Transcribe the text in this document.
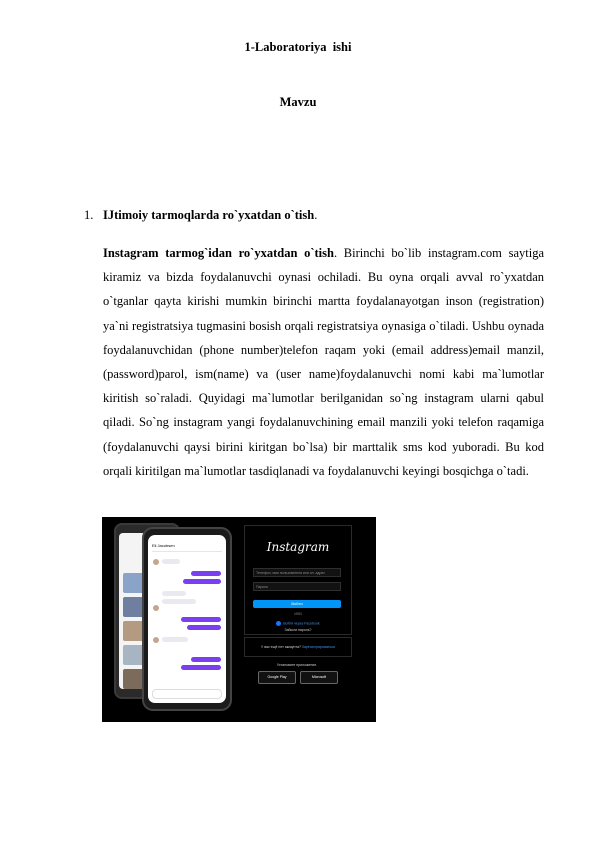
1-Laboratoriya  ishi
Mavzu
1. IJtimoiy tarmoqlarda ro`yxatdan o`tish.
Instagram tarmog`idan ro`yxatdan o`tish. Birinchi bo`lib instagram.com saytiga kiramiz va bizda foydalanuvchi oynasi ochiladi. Bu oyna orqali avval ro`yxatdan o`tganlar qayta kirishi mumkin birinchi martta foydalanayotgan inson (registration) ya`ni registratsiya tugmasini bosish orqali registratsiya oynasiga o`tiladi. Ushbu oynada foydalanuvchidan (phone number)telefon raqam yoki (email address)email manzil, (password)parol, ism(name) va (user name)foydalanuvchi nomi kabi ma`lumotlar kiritish so`raladi. Quyidagi ma`lumotlar berilganidan so`ng instagram ularni qabul qiladi. So`ng instagram yangi foydalanuvchining email manzili yoki telefon raqamiga (foydalanuvchi qaysi birini kiritgan bo`lsa) bir marttalik sms kod yuboradi. Bu kod orqali kiritilgan ma`lumotlar tasdiqlanadi va foydalanuvchi keyingi bosqichga o`tadi.
Eli Jacobsen	Instagram
Телефон, имя пользователя или эл. адрес
Пароль
Войти
ИЛИ
Войти через Facebook
Забыли пароль?
У вас ещё нет аккаунта? Зарегистрироваться
Установите приложение.
Google Play	Microsoft
